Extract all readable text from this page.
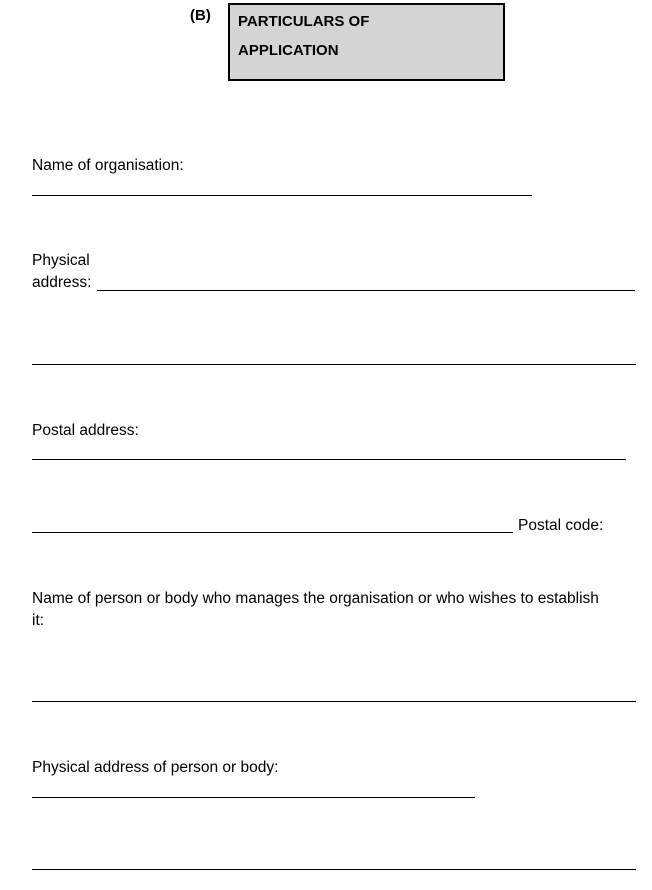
(B) PARTICULARS OF APPLICATION
Name of organisation:
Physical
address:
Postal address:
Postal code:
Name of person or body who manages the organisation or who wishes to establish it:
Physical address of person or body:
